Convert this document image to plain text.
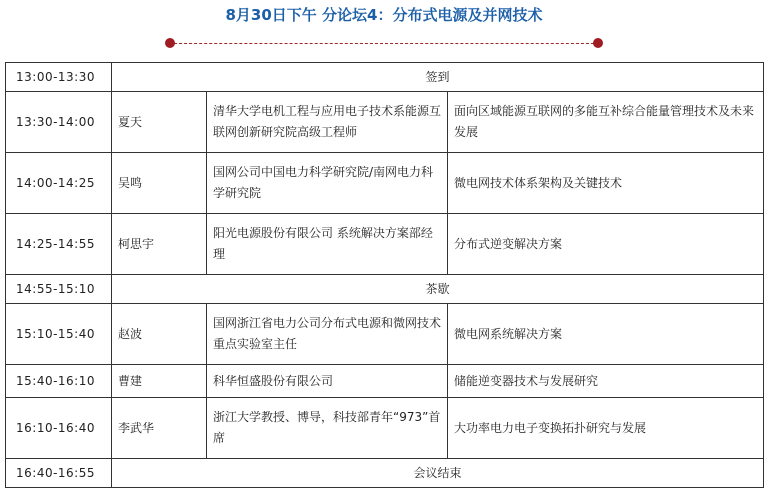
8月30日下午 分论坛4：分布式电源及并网技术
13:00-13:30	签到		
13:30-14:00	夏天	清华大学电机工程与应用电子技术系能源互联网创新研究院高级工程师	面向区域能源互联网的多能互补综合能量管理技术及未来发展
14:00-14:25	吴鸣	国网公司中国电力科学研究院/南网电力科学研究院	微电网技术体系架构及关键技术
14:25-14:55	柯思宇	阳光电源股份有限公司 系统解决方案部经理	分布式逆变解决方案
14:55-15:10	茶歇		
15:10-15:40	赵波	国网浙江省电力公司分布式电源和微网技术重点实验室主任	微电网系统解决方案
15:40-16:10	曹建	科华恒盛股份有限公司	储能逆变器技术与发展研究
16:10-16:40	李武华	浙江大学教授、博导，科技部青年“973”首席	大功率电力电子变换拓扑研究与发展
16:40-16:55	会议结束		
